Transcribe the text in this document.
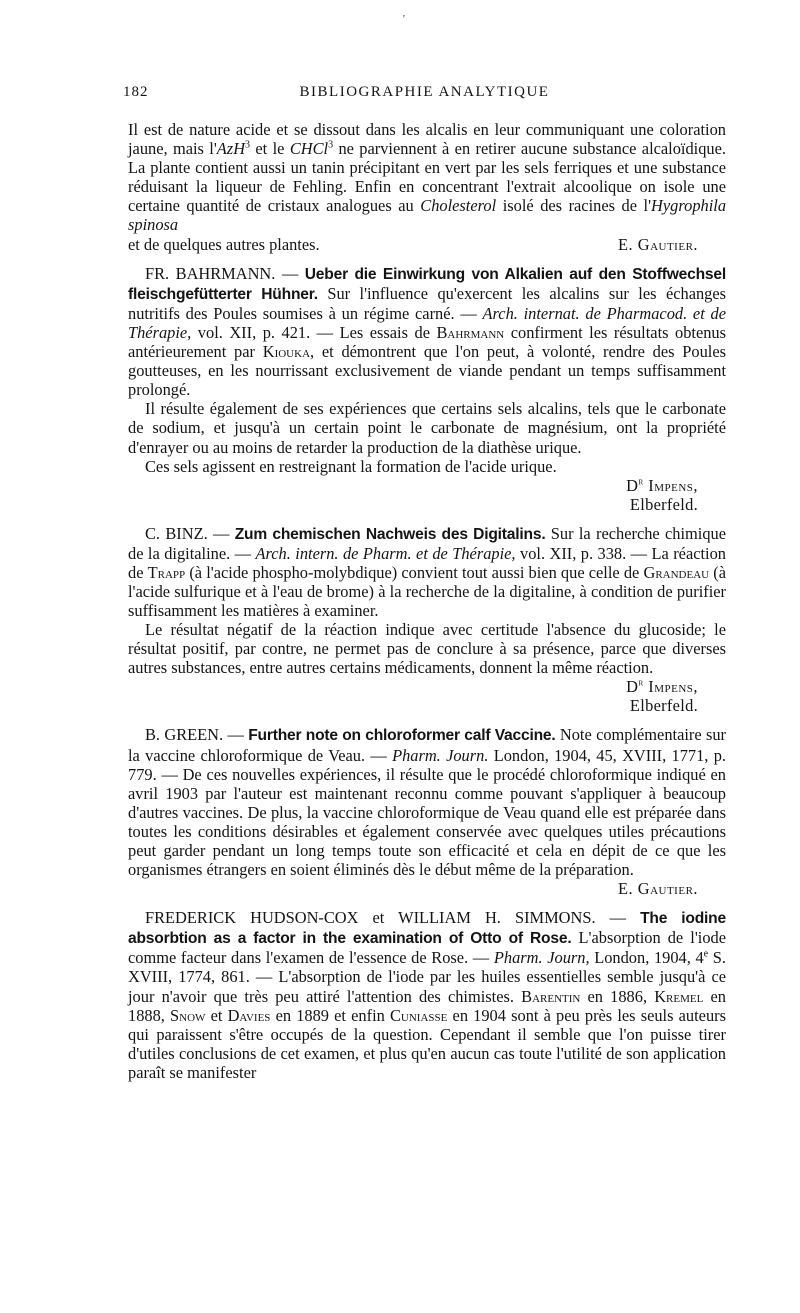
'
182	BIBLIOGRAPHIE ANALYTIQUE

Il est de nature acide et se dissout dans les alcalis en leur communiquant une coloration jaune, mais l'AzH$^3$ et le CHCl$^3$ ne parviennent à en retirer aucune substance alcaloïdique. La plante contient aussi un tanin précipitant en vert par les sels ferriques et une substance réduisant la liqueur de Fehling. Enfin en concentrant l'extrait alcoolique on isole une certaine quantité de cristaux analogues au Cholesterol isolé des racines de l'Hygrophila spinosa

et de quelques autres plantes.	E. Gautier.

FR. BAHRMANN. — Ueber die Einwirkung von Alkalien auf den Stoffwechsel fleischgefütterter Hühner. Sur l'influence qu'exercent les alcalins sur les échanges nutritifs des Poules soumises à un régime carné. — Arch. internat. de Pharmacod. et de Thérapie, vol. XII, p. 421. — Les essais de Bahrmann confirment les résultats obtenus antérieurement par Kiouka, et démontrent que l'on peut, à volonté, rendre des Poules goutteuses, en les nourrissant exclusivement de viande pendant un temps suffisamment prolongé.

Il résulte également de ses expériences que certains sels alcalins, tels que le carbonate de sodium, et jusqu'à un certain point le carbonate de magnésium, ont la propriété d'enrayer ou au moins de retarder la production de la diathèse urique.

Ces sels agissent en restreignant la formation de l'acide urique.

$D^r$ Impens,

Elberfeld.

C. BINZ. — Zum chemischen Nachweis des Digitalins. Sur la recherche chimique de la digitaline. — Arch. intern. de Pharm. et de Thérapie, vol. XII, p. 338. — La réaction de Trapp (à l'acide phospho-molybdique) convient tout aussi bien que celle de Grandeau (à l'acide sulfurique et à l'eau de brome) à la recherche de la digitaline, à condition de purifier suffisamment les matières à examiner.

Le résultat négatif de la réaction indique avec certitude l'absence du glucoside; le résultat positif, par contre, ne permet pas de conclure à sa présence, parce que diverses autres substances, entre autres certains médicaments, donnent la même réaction.

$D^r$ Impens,

Elberfeld.

B. GREEN. — Further note on chloroformer calf Vaccine. Note complémentaire sur la vaccine chloroformique de Veau. — Pharm. Journ. London, 1904, 45, XVIII, 1771, p. 779. — De ces nouvelles expériences, il résulte que le procédé chloroformique indiqué en avril 1903 par l'auteur est maintenant reconnu comme pouvant s'appliquer à beaucoup d'autres vaccines. De plus, la vaccine chloroformique de Veau quand elle est préparée dans toutes les conditions désirables et également conservée avec quelques utiles précautions peut garder pendant un long temps toute son efficacité et cela en dépit de ce que les organismes étrangers en soient éliminés dès le début même de la préparation.

E. Gautier.

FREDERICK HUDSON-COX et WILLIAM H. SIMMONS. — The iodine absorbtion as a factor in the examination of Otto of Rose. L'absorption de l'iode comme facteur dans l'examen de l'essence de Rose. — Pharm. Journ, London, 1904, 4e S. XVIII, 1774, 861. — L'absorption de l'iode par les huiles essentielles semble jusqu'à ce jour n'avoir que très peu attiré l'attention des chimistes. Barentin en 1886, Kremel en 1888, Snow et Davies en 1889 et enfin Cuniasse en 1904 sont à peu près les seuls auteurs qui paraissent s'être occupés de la question. Cependant il semble que l'on puisse tirer d'utiles conclusions de cet examen, et plus qu'en aucun cas toute l'utilité de son application paraît se manifester
